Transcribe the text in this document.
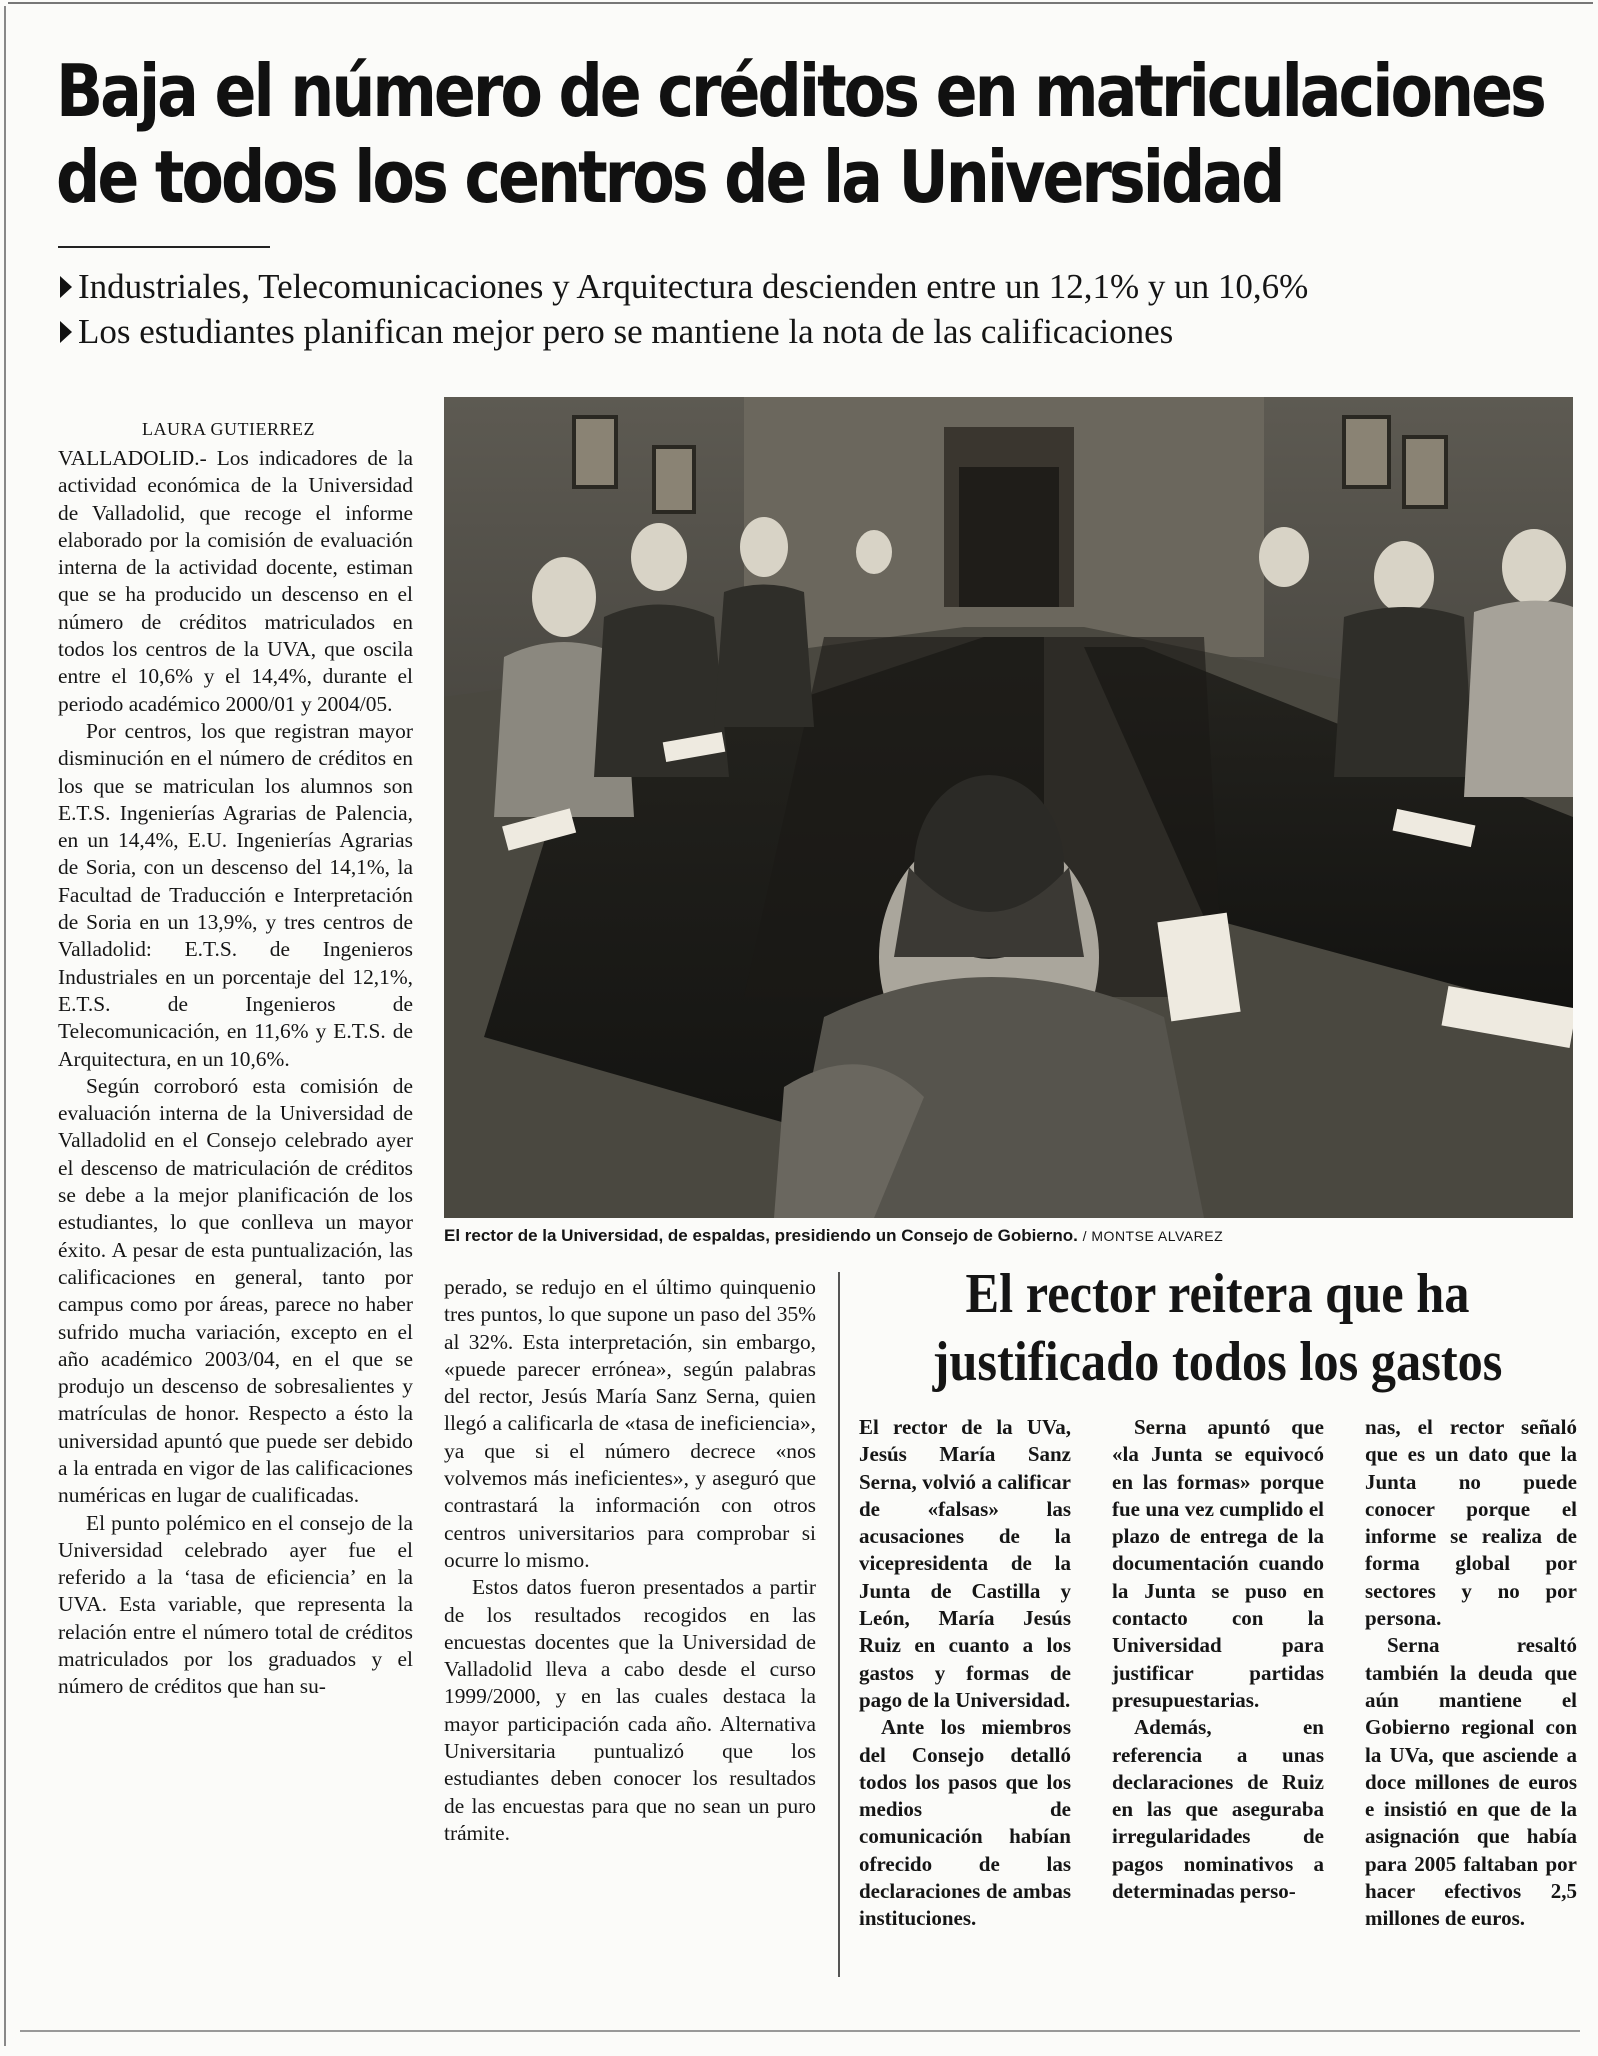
Baja el número de créditos en matriculaciones
de todos los centros de la Universidad
Industriales, Telecomunicaciones y Arquitectura descienden entre un 12,1% y un 10,6%
Los estudiantes planifican mejor pero se mantiene la nota de las calificaciones
LAURA GUTIERREZ

VALLADOLID.- Los indicadores de la actividad económica de la Universidad de Valladolid, que recoge el informe elaborado por la comisión de evaluación interna de la actividad docente, estiman que se ha producido un descenso en el número de créditos matriculados en todos los centros de la UVA, que oscila entre el 10,6% y el 14,4%, durante el periodo académico 2000/01 y 2004/05.

Por centros, los que registran mayor disminución en el número de créditos en los que se matriculan los alumnos son E.T.S. Ingenierías Agrarias de Palencia, en un 14,4%, E.U. Ingenierías Agrarias de Soria, con un descenso del 14,1%, la Facultad de Traducción e Interpretación de Soria en un 13,9%, y tres centros de Valladolid: E.T.S. de Ingenieros Industriales en un porcentaje del 12,1%, E.T.S. de Ingenieros de Telecomunicación, en 11,6% y E.T.S. de Arquitectura, en un 10,6%.

Según corroboró esta comisión de evaluación interna de la Universidad de Valladolid en el Consejo celebrado ayer el descenso de matriculación de créditos se debe a la mejor planificación de los estudiantes, lo que conlleva un mayor éxito. A pesar de esta puntualización, las calificaciones en general, tanto por campus como por áreas, parece no haber sufrido mucha variación, excepto en el año académico 2003/04, en el que se produjo un descenso de sobresalientes y matrículas de honor. Respecto a ésto la universidad apuntó que puede ser debido a la entrada en vigor de las calificaciones numéricas en lugar de cualificadas.

El punto polémico en el consejo de la Universidad celebrado ayer fue el referido a la ‘tasa de eficiencia’ en la UVA. Esta variable, que representa la relación entre el número total de créditos matriculados por los graduados y el número de créditos que han su-

El rector de la Universidad, de espaldas, presidiendo un Consejo de Gobierno. / MONTSE ALVAREZ

perado, se redujo en el último quinquenio tres puntos, lo que supone un paso del 35% al 32%. Esta interpretación, sin embargo, «puede parecer errónea», según palabras del rector, Jesús María Sanz Serna, quien llegó a calificarla de «tasa de ineficiencia», ya que si el número decrece «nos volvemos más ineficientes», y aseguró que contrastará la información con otros centros universitarios para comprobar si ocurre lo mismo.

Estos datos fueron presentados a partir de los resultados recogidos en las encuestas docentes que la Universidad de Valladolid lleva a cabo desde el curso 1999/2000, y en las cuales destaca la mayor participación cada año. Alternativa Universitaria puntualizó que los estudiantes deben conocer los resultados de las encuestas para que no sean un puro trámite.

El rector reitera que ha
justificado todos los gastos

El rector de la UVa, Jesús María Sanz Serna, volvió a calificar de «falsas» las acusaciones de la vicepresidenta de la Junta de Castilla y León, María Jesús Ruiz en cuanto a los gastos y formas de pago de la Universidad.

Ante los miembros del Consejo detalló todos los pasos que los medios de comunicación habían ofrecido de las declaraciones de ambas instituciones.

Serna apuntó que «la Junta se equivocó en las formas» porque fue una vez cumplido el plazo de entrega de la documentación cuando la Junta se puso en contacto con la Universidad para justificar partidas presupuestarias.

Además, en referencia a unas declaraciones de Ruiz en las que aseguraba irregularidades de pagos nominativos a determinadas perso-

nas, el rector señaló que es un dato que la Junta no puede conocer porque el informe se realiza de forma global por sectores y no por persona.

Serna resaltó también la deuda que aún mantiene el Gobierno regional con la UVa, que asciende a doce millones de euros e insistió en que de la asignación que había para 2005 faltaban por hacer efectivos 2,5 millones de euros.
